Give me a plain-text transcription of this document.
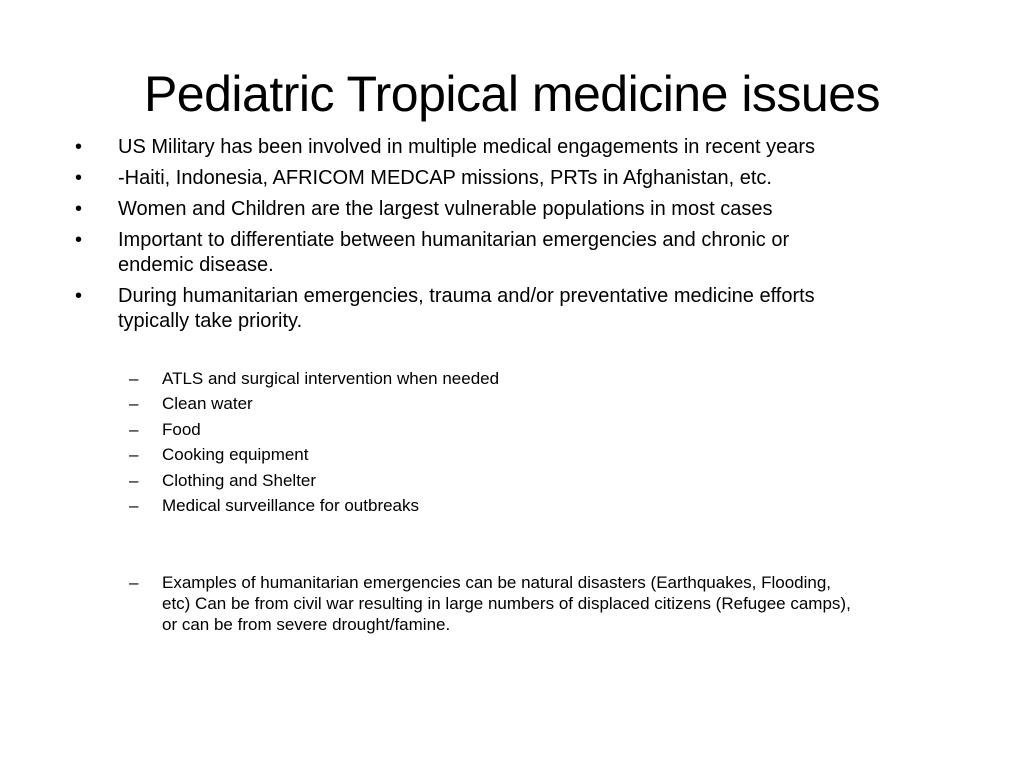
Pediatric Tropical medicine issues
•	US Military has been involved in multiple medical engagements in recent years
•	-Haiti, Indonesia, AFRICOM MEDCAP missions, PRTs in Afghanistan, etc.
•	Women and Children are the largest vulnerable populations in most cases
•	Important to differentiate between humanitarian emergencies and chronic or
endemic disease.
•	During humanitarian emergencies, trauma and/or preventative medicine efforts
typically take priority.
–	ATLS and surgical intervention when needed
–	Clean water
–	Food
–	Cooking equipment
–	Clothing and Shelter
–	Medical surveillance for outbreaks
–	Examples of humanitarian emergencies can be natural disasters (Earthquakes, Flooding,
etc) Can be from civil war resulting in large numbers of displaced citizens (Refugee camps),
or can be from severe drought/famine.
